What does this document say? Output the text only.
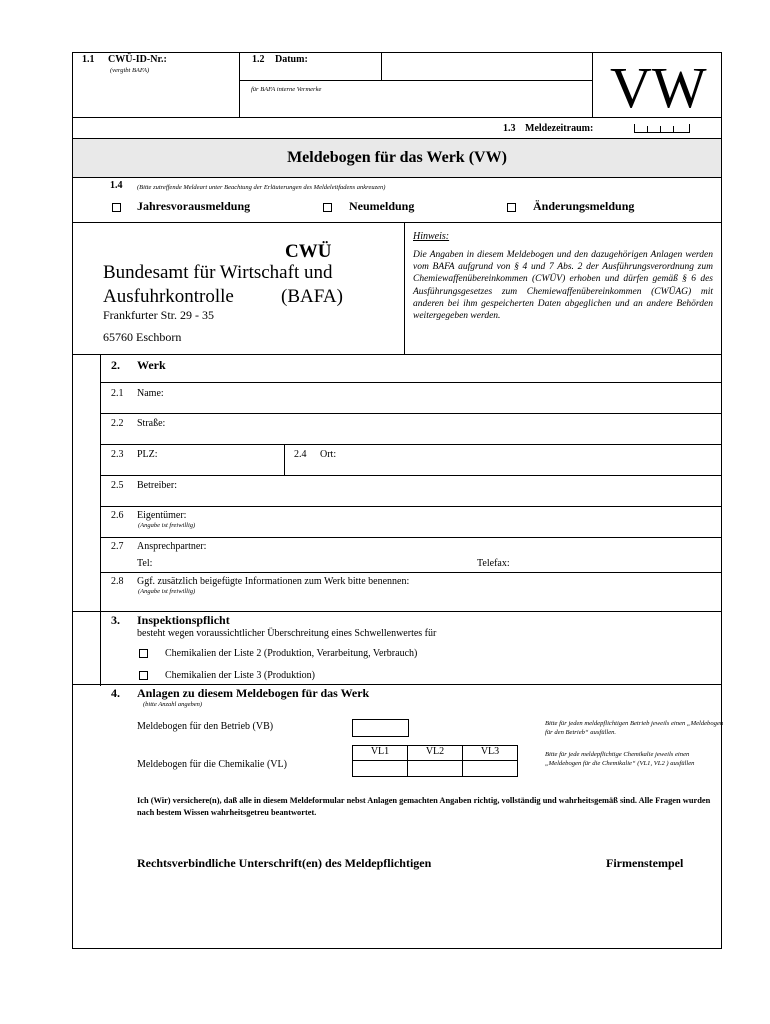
1.1 CWÜ-ID-Nr.:
(vergibt BAFA)
1.2 Datum:
für BAFA interne Vermerke	VW
1.3 Meldezeitraum:
Meldebogen für das Werk (VW)
1.4 (Bitte zutreffende Meldeart unter Beachtung der Erläuterungen des Meldeleitfadens ankreuzen)
Jahresvorausmeldung	Neumeldung	Änderungsmeldung
CWÜ
Bundesamt für Wirtschaft und
Ausfuhrkontrolle (BAFA)
Frankfurter Str. 29 - 35
65760 Eschborn
Hinweis:
Die Angaben in diesem Meldebogen und den dazugehörigen Anlagen werden vom BAFA aufgrund von § 4 und 7 Abs. 2 der Ausführungsverordnung zum Chemiewaffenübereinkommen (CWÜV) erhoben und dürfen gemäß § 6 des Ausführungsgesetzes zum Chemiewaffenübereinkommen (CWÜAG) mit anderen bei ihm gespeicherten Daten abgeglichen und an andere Behörden weitergegeben werden.
2. Werk
2.1 Name:
2.2 Straße:
2.3 PLZ:	2.4 Ort:
2.5 Betreiber:
2.6 Eigentümer:
(Angabe ist freiwillig)
2.7 Ansprechpartner:
Tel:	Telefax:
2.8 Ggf. zusätzlich beigefügte Informationen zum Werk bitte benennen:
(Angabe ist freiwillig)
3. Inspektionspflicht
besteht wegen voraussichtlicher Überschreitung eines Schwellenwertes für
Chemikalien der Liste 2 (Produktion, Verarbeitung, Verbrauch)
Chemikalien der Liste 3 (Produktion)
4. Anlagen zu diesem Meldebogen für das Werk
(bitte Anzahl angeben)
Meldebogen für den Betrieb (VB)	Bitte für jeden meldepflichtigen Betrieb jeweils einen „Meldebogen für den Betrieb“ ausfüllen.
Meldebogen für die Chemikalie (VL)
VL1	VL2	VL3	Bitte für jede meldepflichtige Chemikalie jeweils einen „Meldebogen für die Chemikalie“ (VL1, VL2 ) ausfüllen
Ich (Wir) versichere(n), daß alle in diesem Meldeformular nebst Anlagen gemachten Angaben richtig, vollständig und wahrheitsgemäß sind. Alle Fragen wurden nach bestem Wissen wahrheitsgetreu beantwortet.
Rechtsverbindliche Unterschrift(en) des Meldepflichtigen	Firmenstempel
